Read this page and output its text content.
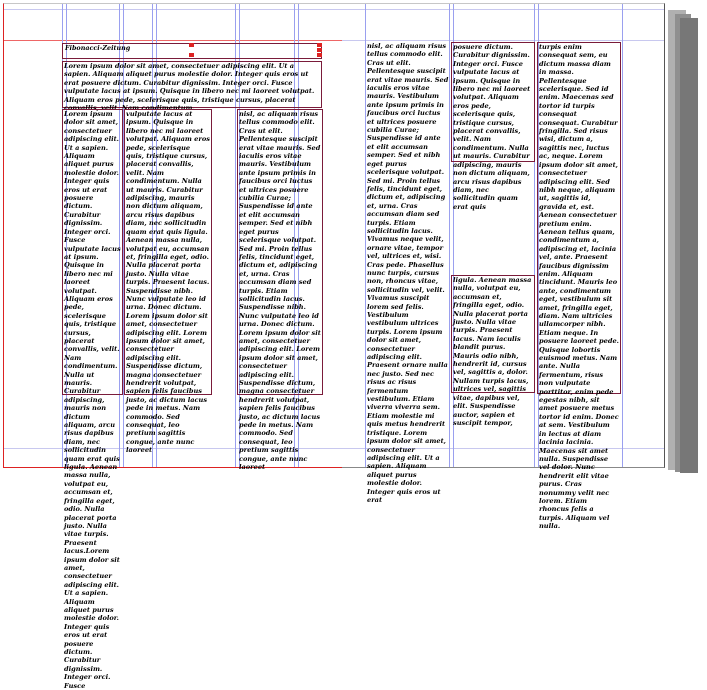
Fibonacci-Zeitung
Lorem ipsum dolor sit amet, consectetuer adipiscing elit. Ut a sapien. Aliquam aliquet purus molestie dolor. Integer quis eros ut erat posuere dictum. Curabitur dignissim. Integer orci. Fusce vulputate lacus at ipsum. Quisque in libero nec mi laoreet volutpat. Aliquam eros pede, scelerisque quis, tristique cursus, placerat convallis, velit. Nam condimentum.
Lorem ipsum dolor sit amet, consectetuer adipiscing elit. Ut a sapien. Aliquam aliquet purus molestie dolor. Integer quis eros ut erat posuere dictum. Curabitur dignissim. Integer orci. Fusce vulputate lacus at ipsum. Quisque in libero nec mi laoreet volutpat. Aliquam eros pede, scelerisque quis, tristique cursus, placerat convallis, velit. Nam condimentum. Nulla ut mauris. Curabitur adipiscing, mauris non dictum aliquam, arcu risus dapibus diam, nec sollicitudin quam erat quis ligula. Aenean massa nulla, volutpat eu, accumsan et, fringilla eget, odio. Nulla placerat porta justo. Nulla vitae turpis. Praesent lacus.Lorem ipsum dolor sit amet, consectetuer adipiscing elit. Ut a sapien. Aliquam aliquet purus molestie dolor. Integer quis eros ut erat posuere dictum. Curabitur dignissim. Integer orci. Fusce
vulputate lacus at ipsum. Quisque in libero nec mi laoreet volutpat. Aliquam eros pede, scelerisque quis, tristique cursus, placerat convallis, velit. Nam condimentum. Nulla ut mauris. Curabitur adipiscing, mauris non dictum aliquam, arcu risus dapibus diam, nec sollicitudin quam erat quis ligula. Aenean massa nulla, volutpat eu, accumsan et, fringilla eget, odio. Nulla placerat porta justo. Nulla vitae turpis. Praesent lacus. Suspendisse nibh. Nunc vulputate leo id urna. Donec dictum. Lorem ipsum dolor sit amet, consectetuer adipiscing elit. Lorem ipsum dolor sit amet, consectetuer adipiscing elit. Suspendisse dictum, magna consectetuer hendrerit volutpat, sapien felis faucibus justo, ac dictum lacus pede in metus. Nam commodo. Sed consequat, leo pretium sagittis congue, ante nunc laoreet
nisl, ac aliquam risus tellus commodo elit. Cras ut elit. Pellentesque suscipit erat vitae mauris. Sed iaculis eros vitae mauris. Vestibulum ante ipsum primis in faucibus orci luctus et ultrices posuere cubilia Curae; Suspendisse id ante et elit accumsan semper. Sed et nibh eget purus scelerisque volutpat. Sed mi. Proin tellus felis, tincidunt eget, dictum et, adipiscing et, urna. Cras accumsan diam sed turpis. Etiam sollicitudin lacus. Suspendisse nibh. Nunc vulputate leo id urna. Donec dictum. Lorem ipsum dolor sit amet, consectetuer adipiscing elit. Lorem ipsum dolor sit amet, consectetuer adipiscing elit. Suspendisse dictum, magna consectetuer hendrerit volutpat, sapien felis faucibus justo, ac dictum lacus pede in metus. Nam commodo. Sed consequat, leo pretium sagittis congue, ante nunc laoreet
nisl, ac aliquam risus tellus commodo elit. Cras ut elit. Pellentesque suscipit erat vitae mauris. Sed iaculis eros vitae mauris. Vestibulum ante ipsum primis in faucibus orci luctus et ultrices posuere cubilia Curae; Suspendisse id ante et elit accumsan semper. Sed et nibh eget purus scelerisque volutpat. Sed mi. Proin tellus felis, tincidunt eget, dictum et, adipiscing et, urna. Cras accumsan diam sed turpis. Etiam sollicitudin lacus. Vivamus neque velit, ornare vitae, tempor vel, ultrices et, wisi. Cras pede. Phasellus nunc turpis, cursus non, rhoncus vitae, sollicitudin vel, velit. Vivamus suscipit lorem sed felis. Vestibulum vestibulum ultrices turpis. Lorem ipsum dolor sit amet, consectetuer adipiscing elit. Praesent ornare nulla nec justo. Sed nec risus ac risus fermentum vestibulum. Etiam viverra viverra sem. Etiam molestie mi quis metus hendrerit tristique. Lorem ipsum dolor sit amet, consectetuer adipiscing elit. Ut a sapien. Aliquam aliquet purus molestie dolor. Integer quis eros ut erat
posuere dictum. Curabitur dignissim. Integer orci. Fusce vulputate lacus at ipsum. Quisque in libero nec mi laoreet volutpat. Aliquam eros pede, scelerisque quis, tristique cursus, placerat convallis, velit. Nam condimentum. Nulla ut mauris. Curabitur adipiscing, mauris non dictum aliquam, arcu risus dapibus diam, nec sollicitudin quam erat quis
ligula. Aenean massa nulla, volutpat eu, accumsan et, fringilla eget, odio. Nulla placerat porta justo. Nulla vitae turpis. Praesent lacus. Nam iaculis blandit purus. Mauris odio nibh, hendrerit id, cursus vel, sagittis a, dolor. Nullam turpis lacus, ultrices vel, sagittis vitae, dapibus vel, elit. Suspendisse auctor, sapien et suscipit tempor,
turpis enim consequat sem, eu dictum massa diam in massa. Pellentesque scelerisque. Sed id enim. Maecenas sed tortor id turpis consequat consequat. Curabitur fringilla. Sed risus wisi, dictum a, sagittis nec, luctus ac, neque. Lorem ipsum dolor sit amet, consectetuer adipiscing elit. Sed nibh neque, aliquam ut, sagittis id, gravida et, est. Aenean consectetuer pretium enim. Aenean tellus quam, condimentum a, adipiscing et, lacinia vel, ante. Praesent faucibus dignissim enim. Aliquam tincidunt. Mauris leo ante, condimentum eget, vestibulum sit amet, fringilla eget, diam. Nam ultricies ullamcorper nibh. Etiam neque. In posuere laoreet pede. Quisque lobortis euismod metus. Nam ante. Nulla fermentum, risus non vulputate porttitor, enim pede egestas nibh, sit amet posuere metus tortor id enim. Donec at sem. Vestibulum in lectus at diam lacinia lacinia. Maecenas sit amet nulla. Suspendisse vel dolor. Nunc hendrerit elit vitae purus. Cras nonummy velit nec lorem. Etiam rhoncus felis a turpis. Aliquam vel nulla.
